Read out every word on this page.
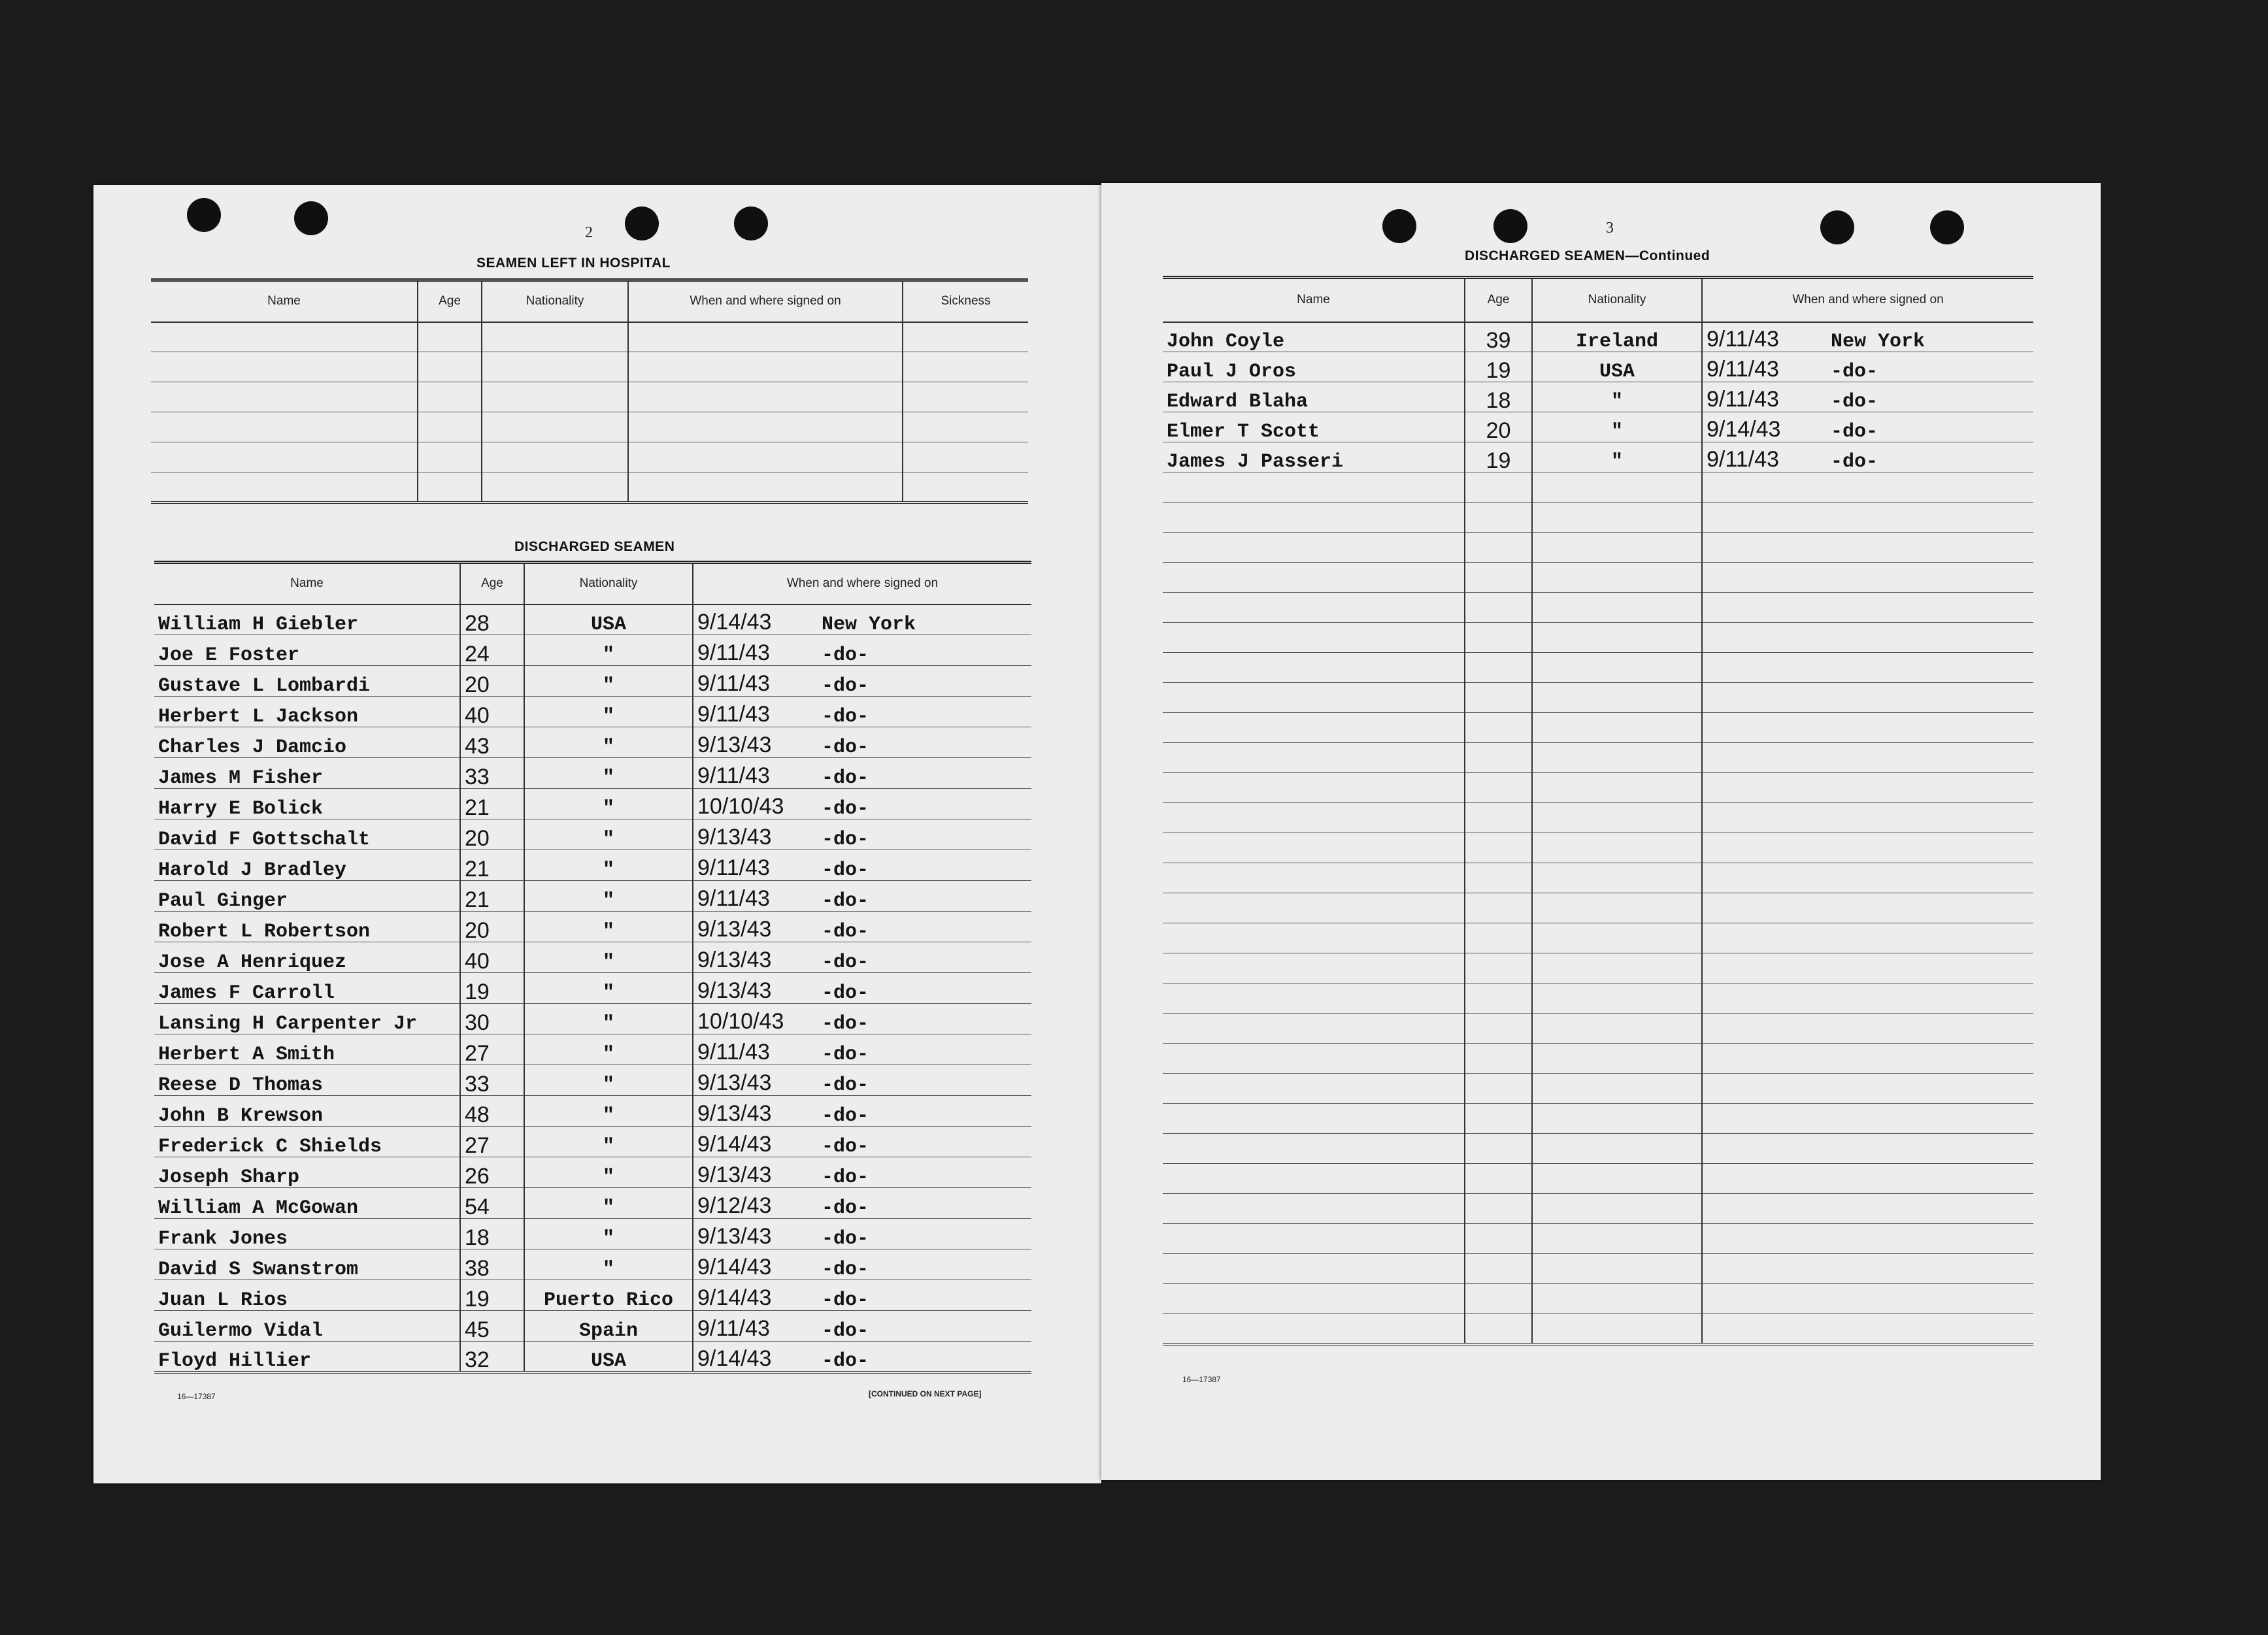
2
SEAMEN LEFT IN HOSPITAL
Name	Age	Nationality	When and where signed on	Sickness

DISCHARGED SEAMEN
Name	Age	Nationality	When and where signed on
William H Giebler	28	USA	9/14/43 New York
Joe E Foster	24	"	9/11/43 -do-
Gustave L Lombardi	20	"	9/11/43 -do-
Herbert L Jackson	40	"	9/11/43 -do-
Charles J Damcio	43	"	9/13/43 -do-
James M Fisher	33	"	9/11/43 -do-
Harry E Bolick	21	"	10/10/43 -do-
David F Gottschalt	20	"	9/13/43 -do-
Harold J Bradley	21	"	9/11/43 -do-
Paul Ginger	21	"	9/11/43 -do-
Robert L Robertson	20	"	9/13/43 -do-
Jose A Henriquez	40	"	9/13/43 -do-
James F Carroll	19	"	9/13/43 -do-
Lansing H Carpenter Jr	30	"	10/10/43 -do-
Herbert A Smith	27	"	9/11/43 -do-
Reese D Thomas	33	"	9/13/43 -do-
John B Krewson	48	"	9/13/43 -do-
Frederick C Shields	27	"	9/14/43 -do-
Joseph Sharp	26	"	9/13/43 -do-
William A McGowan	54	"	9/12/43 -do-
Frank Jones	18	"	9/13/43 -do-
David S Swanstrom	38	"	9/14/43 -do-
Juan L Rios	19	Puerto Rico	9/14/43 -do-
Guilermo Vidal	45	Spain	9/11/43 -do-
Floyd Hillier	32	USA	9/14/43 -do-
16—17387	[CONTINUED ON NEXT PAGE]
3
DISCHARGED SEAMEN—Continued
Name	Age	Nationality	When and where signed on
John Coyle	39	Ireland	9/11/43 New York
Paul J Oros	19	USA	9/11/43 -do-
Edward Blaha	18	"	9/11/43 -do-
Elmer T Scott	20	"	9/14/43 -do-
James J Passeri	19	"	9/11/43 -do-

16—17387
